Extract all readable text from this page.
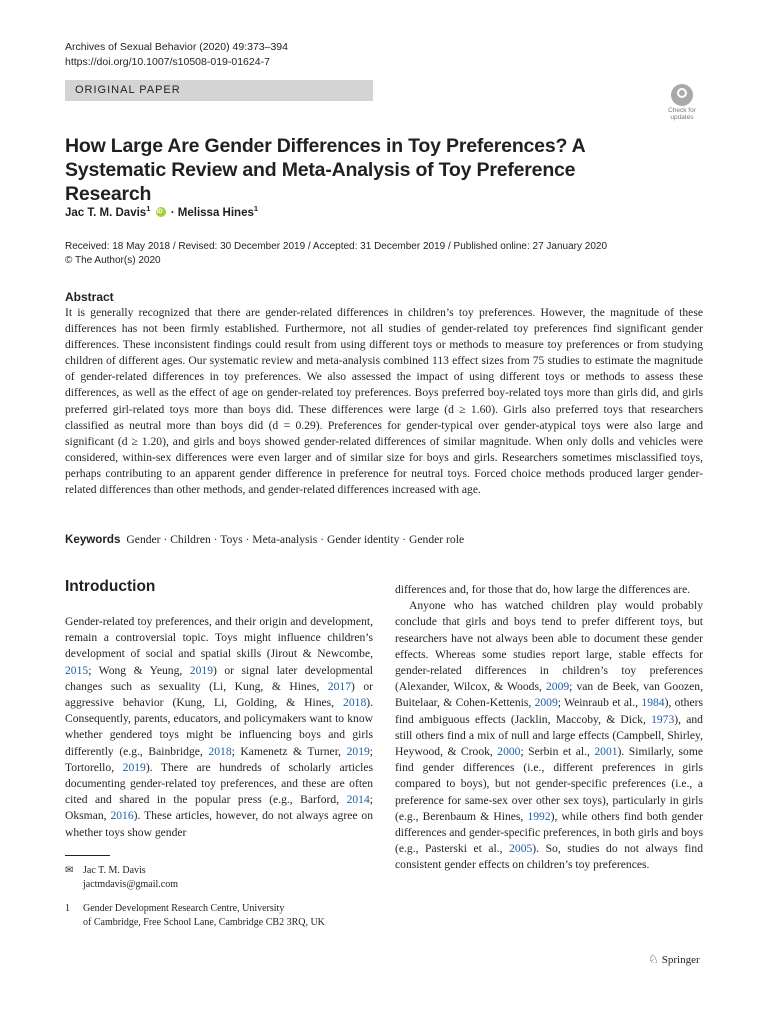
Archives of Sexual Behavior (2020) 49:373–394
https://doi.org/10.1007/s10508-019-01624-7
ORIGINAL PAPER
Check for
updates
How Large Are Gender Differences in Toy Preferences? A Systematic Review and Meta-Analysis of Toy Preference Research
Jac T. M. Davis$^1$ iD · Melissa Hines$^1$
Received: 18 May 2018 / Revised: 30 December 2019 / Accepted: 31 December 2019 / Published online: 27 January 2020
© The Author(s) 2020
Abstract

It is generally recognized that there are gender-related differences in children’s toy preferences. However, the magnitude of these differences has not been firmly established. Furthermore, not all studies of gender-related toy preferences find significant gender differences. These inconsistent findings could result from using different toys or methods to measure toy preferences or from studying children of different ages. Our systematic review and meta-analysis combined 113 effect sizes from 75 studies to estimate the magnitude of gender-related differences in toy preferences. We also assessed the impact of using different toys or methods to assess these differences, as well as the effect of age on gender-related toy preferences. Boys preferred boy-related toys more than girls did, and girls preferred girl-related toys more than boys did. These differences were large (d ≥ 1.60). Girls also preferred toys that researchers classified as neutral more than boys did (d = 0.29). Preferences for gender-typical over gender-atypical toys were also large and significant (d ≥ 1.20), and girls and boys showed gender-related differences of similar magnitude. When only dolls and vehicles were considered, within-sex differences were even larger and of similar size for boys and girls. Researchers sometimes misclassified toys, perhaps contributing to an apparent gender difference in preference for neutral toys. Forced choice methods produced larger gender-related differences than other methods, and gender-related differences increased with age.

Keywords Gender · Children · Toys · Meta-analysis · Gender identity · Gender role
Introduction

Gender-related toy preferences, and their origin and development, remain a controversial topic. Toys might influence children’s development of social and spatial skills (Jirout & Newcombe, 2015; Wong & Yeung, 2019) or signal later developmental changes such as sexuality (Li, Kung, & Hines, 2017) or aggressive behavior (Kung, Li, Golding, & Hines, 2018). Consequently, parents, educators, and policymakers want to know whether gendered toys might be influencing boys and girls differently (e.g., Bainbridge, 2018; Kamenetz & Turner, 2019; Tortorello, 2019). There are hundreds of scholarly articles documenting gender-related toy preferences, and these are often cited and shared in the popular press (e.g., Barford, 2014; Oksman, 2016). These articles, however, do not always agree on whether toys show gender

differences and, for those that do, how large the differences are.

Anyone who has watched children play would probably conclude that girls and boys tend to prefer different toys, but researchers have not always been able to document these gender effects. Whereas some studies report large, stable effects for gender-related differences in children’s toy preferences (Alexander, Wilcox, & Woods, 2009; van de Beek, van Goozen, Buitelaar, & Cohen-Kettenis, 2009; Weinraub et al., 1984), others find ambiguous effects (Jacklin, Maccoby, & Dick, 1973), and still others find a mix of null and large effects (Campbell, Shirley, Heywood, & Crook, 2000; Serbin et al., 2001). Similarly, some find gender differences (i.e., different preferences in girls compared to boys), but not gender-specific preferences (i.e., a preference for same-sex over other sex toys), particularly in girls (e.g., Berenbaum & Hines, 1992), while others find both gender differences and gender-specific preferences, in both girls and boys (e.g., Pasterski et al., 2005). So, studies do not always find consistent gender effects on children’s toy preferences.

✉ Jac T. M. Davis
jactmdavis@gmail.com
1 Gender Development Research Centre, University
of Cambridge, Free School Lane, Cambridge CB2 3RQ, UK
♘ Springer
